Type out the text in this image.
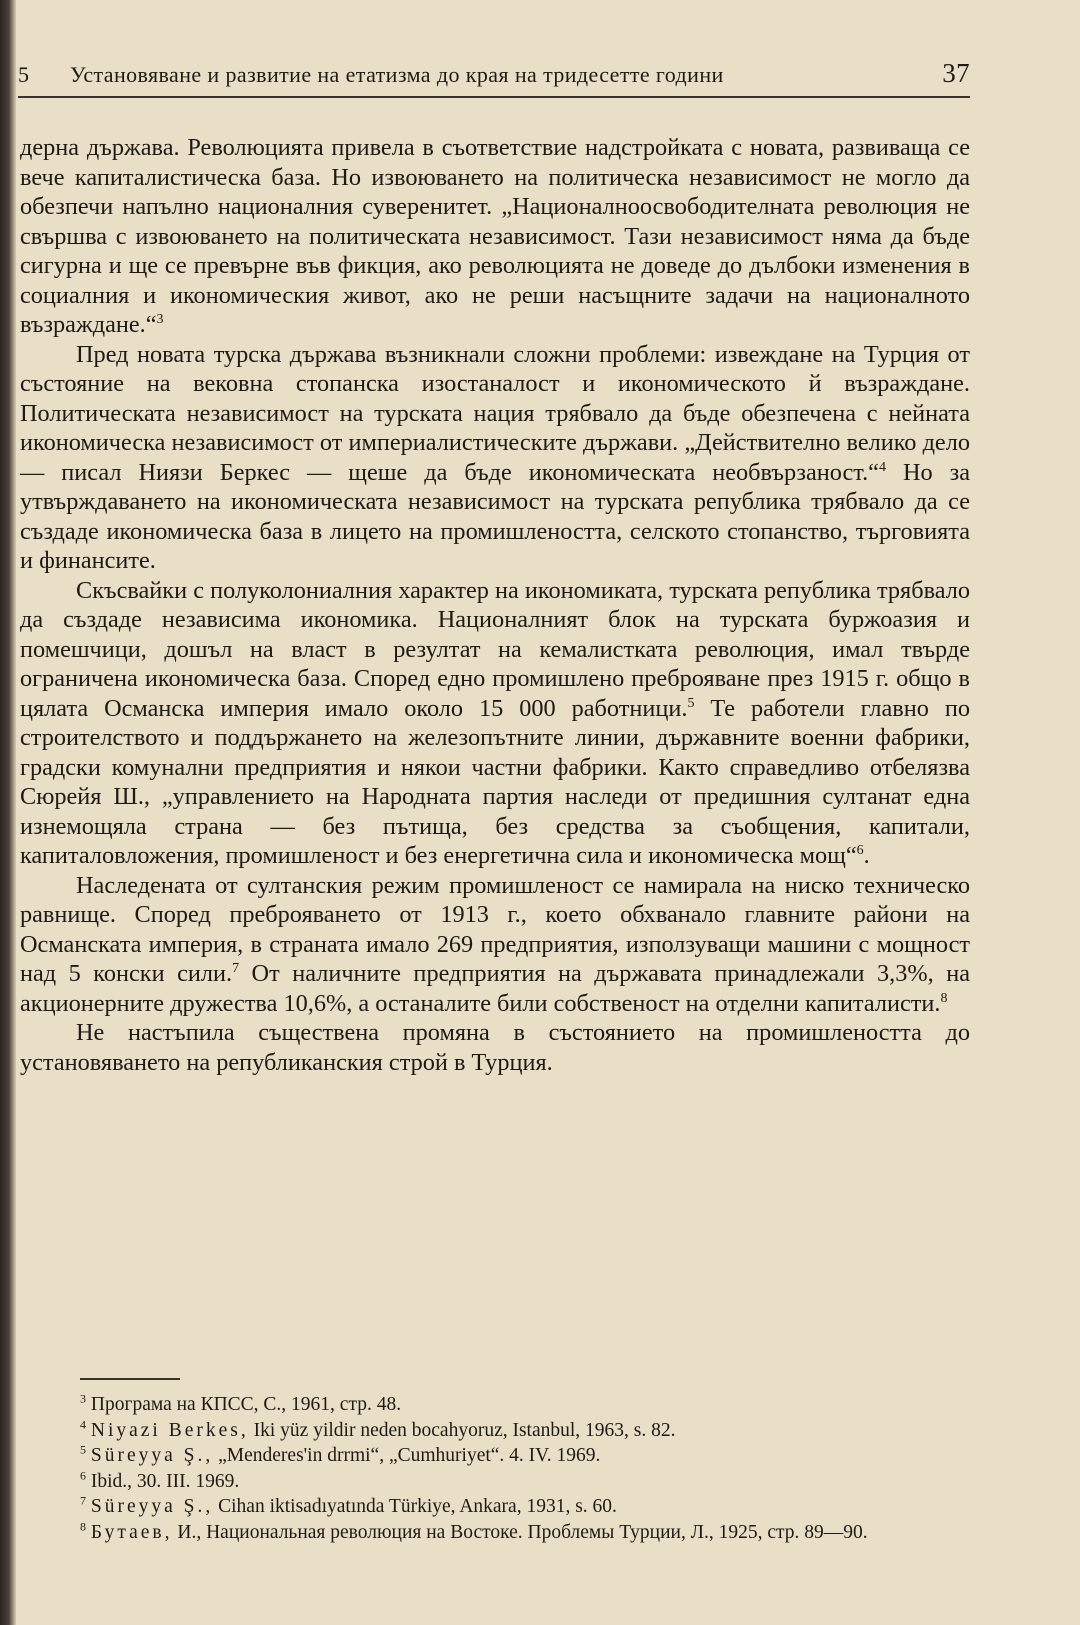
5	Установяване и развитие на етатизма до края на тридесетте години	37

дерна държава. Революцията привела в съответствие надстройката с новата, развиваща се вече капиталистическа база. Но извоюването на политическа независимост не могло да обезпечи напълно националния суверенитет. „Националноосвободителната революция не свършва с извоюването на политическата независимост. Тази независимост няма да бъде сигурна и ще се превърне във фикция, ако революцията не доведе до дълбоки изменения в социалния и икономическия живот, ако не реши насъщните задачи на националното възраждане.“$^3$

Пред новата турска държава възникнали сложни проблеми: извеждане на Турция от състояние на вековна стопанска изостаналост и икономическото й възраждане. Политическата независимост на турската нация трябвало да бъде обезпечена с нейната икономическа независимост от империалистическите държави. „Действително велико дело — писал Ниязи Беркес — щеше да бъде икономическата необвързаност.“$^4$ Но за утвърждаването на икономическата независимост на турската република трябвало да се създаде икономическа база в лицето на промишлеността, селското стопанство, търговията и финансите.

Скъсвайки с полуколониалния характер на икономиката, турската република трябвало да създаде независима икономика. Националният блок на турската буржоазия и помешчици, дошъл на власт в резултат на кемалистката революция, имал твърде ограничена икономическа база. Според едно промишлено преброяване през 1915 г. общо в цялата Османска империя имало около 15 000 работници.$^5$ Те работели главно по строителството и поддържането на железопътните линии, държавните военни фабрики, градски комунални предприятия и някои частни фабрики. Както справедливо отбелязва Сюрейя Ш., „управлението на Народната партия наследи от предишния султанат една изнемощяла страна — без пътища, без средства за съобщения, капитали, капиталовложения, промишленост и без енергетична сила и икономическа мощ“$^6$.

Наследената от султанския режим промишленост се намирала на ниско техническо равнище. Според преброяването от 1913 г., което обхванало главните райони на Османската империя, в страната имало 269 предприятия, използуващи машини с мощност над 5 конски сили.$^7$ От наличните предприятия на държавата принадлежали 3,3%, на акционерните дружества 10,6%, а останалите били собственост на отделни капиталисти.$^8$

Не настъпила съществена промяна в състоянието на промишлеността до установяването на републиканския строй в Турция.

$^3$ Програма на КПСС, С., 1961, стр. 48.

$^4$ Niyazi Berkes, Iki yüz yildir neden bocahyoruz, Istanbul, 1963, s. 82.

$^5$ Süreyya Ş., „Menderes'in drrmi“, „Cumhuriyet“. 4. IV. 1969.

$^6$ Ibid., 30. III. 1969.

$^7$ Süreyya Ş., Cihan iktisadıyatında Türkiye, Ankara, 1931, s. 60.

$^8$ Бутаев, И., Национальная революция на Востоке. Проблемы Турции, Л., 1925, стр. 89—90.
